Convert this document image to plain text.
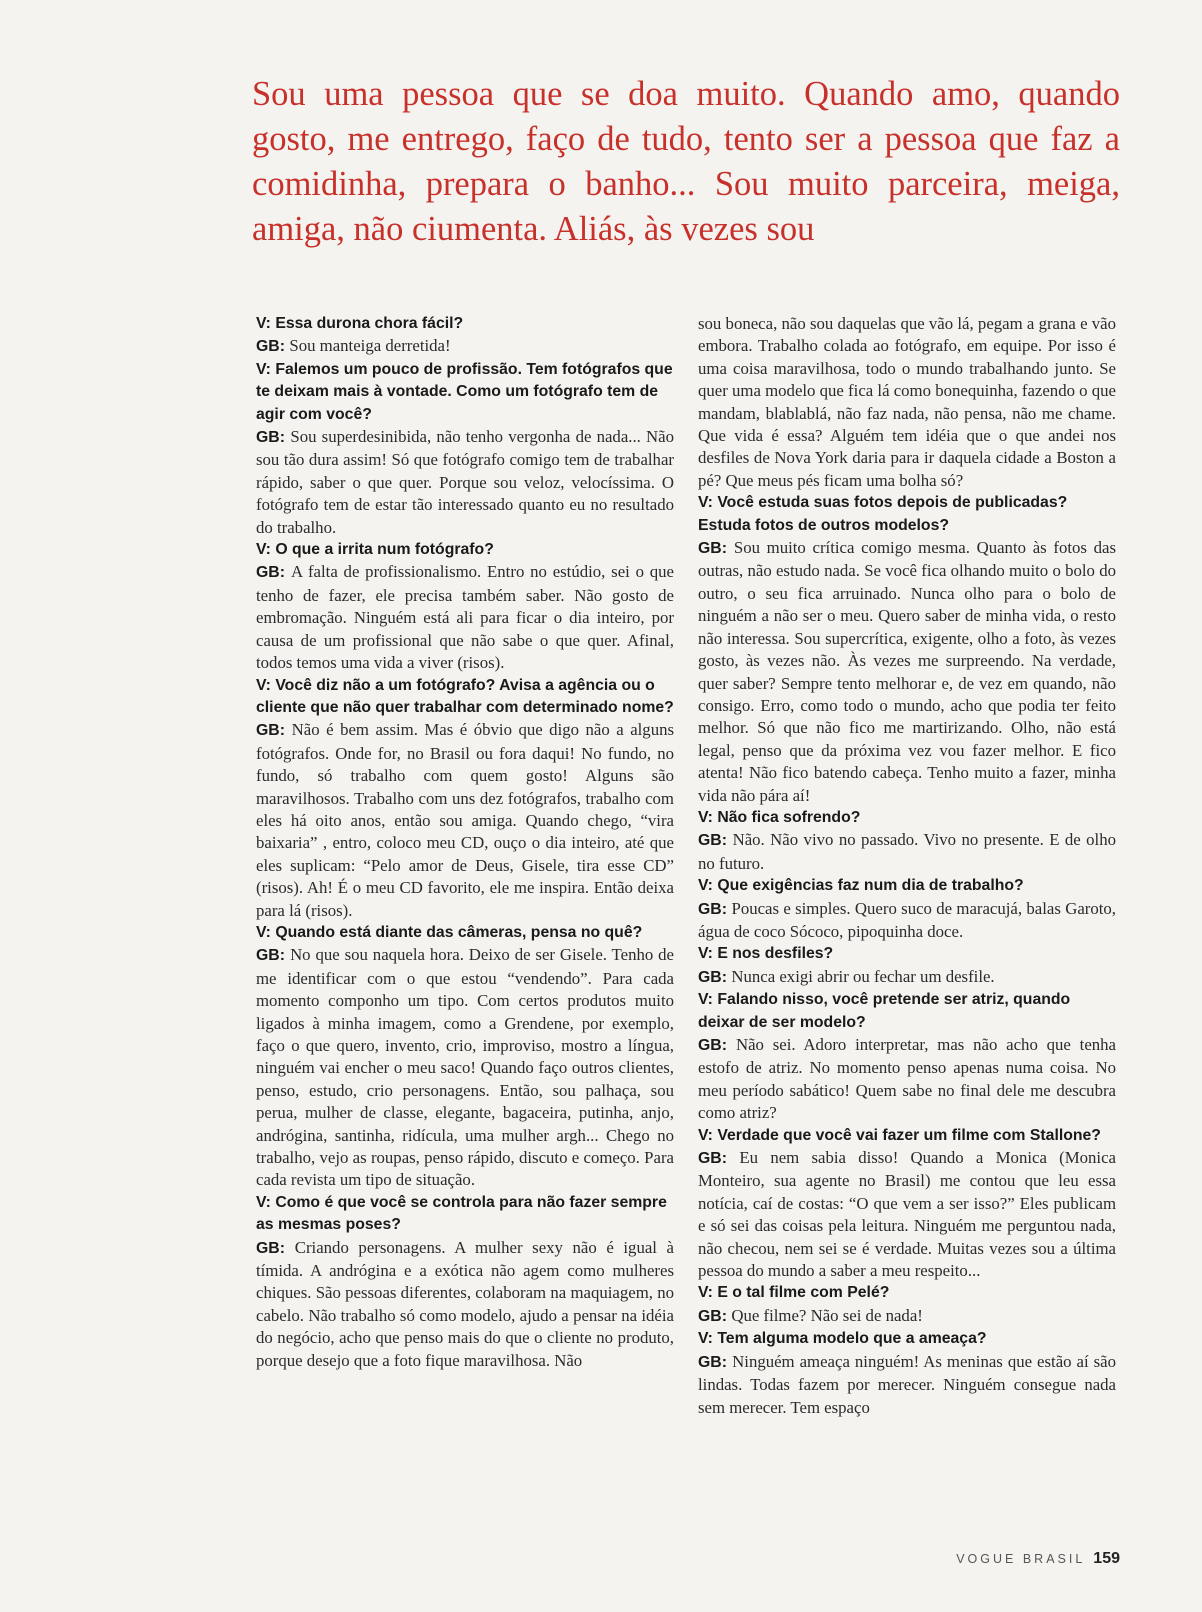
Sou uma pessoa que se doa muito. Quando amo, quando gosto, me entrego, faço de tudo, tento ser a pessoa que faz a comidinha, prepara o banho... Sou muito parceira, meiga, amiga, não ciumenta. Aliás, às vezes sou

V: Essa durona chora fácil?

GB: Sou manteiga derretida!

V: Falemos um pouco de profissão. Tem fotógrafos que te deixam mais à vontade. Como um fotógrafo tem de agir com você?

GB: Sou superdesinibida, não tenho vergonha de nada... Não sou tão dura assim! Só que fotógrafo comigo tem de trabalhar rápido, saber o que quer. Porque sou veloz, velocíssima. O fotógrafo tem de estar tão interessado quanto eu no resultado do trabalho.

V: O que a irrita num fotógrafo?

GB: A falta de profissionalismo. Entro no estúdio, sei o que tenho de fazer, ele precisa também saber. Não gosto de embromação. Ninguém está ali para ficar o dia inteiro, por causa de um profissional que não sabe o que quer. Afinal, todos temos uma vida a viver (risos).

V: Você diz não a um fotógrafo? Avisa a agência ou o cliente que não quer trabalhar com determinado nome?

GB: Não é bem assim. Mas é óbvio que digo não a alguns fotógrafos. Onde for, no Brasil ou fora daqui! No fundo, no fundo, só trabalho com quem gosto! Alguns são maravilhosos. Trabalho com uns dez fotógrafos, trabalho com eles há oito anos, então sou amiga. Quando chego, “vira baixaria” , entro, coloco meu CD, ouço o dia inteiro, até que eles suplicam: “Pelo amor de Deus, Gisele, tira esse CD” (risos). Ah! É o meu CD favorito, ele me inspira. Então deixa para lá (risos).

V: Quando está diante das câmeras, pensa no quê?

GB: No que sou naquela hora. Deixo de ser Gisele. Tenho de me identificar com o que estou “vendendo”. Para cada momento componho um tipo. Com certos produtos muito ligados à minha imagem, como a Grendene, por exemplo, faço o que quero, invento, crio, improviso, mostro a língua, ninguém vai encher o meu saco! Quando faço outros clientes, penso, estudo, crio personagens. Então, sou palhaça, sou perua, mulher de classe, elegante, bagaceira, putinha, anjo, andrógina, santinha, ridícula, uma mulher argh... Chego no trabalho, vejo as roupas, penso rápido, discuto e começo. Para cada revista um tipo de situação.

V: Como é que você se controla para não fazer sempre as mesmas poses?

GB: Criando personagens. A mulher sexy não é igual à tímida. A andrógina e a exótica não agem como mulheres chiques. São pessoas diferentes, colaboram na maquiagem, no cabelo. Não trabalho só como modelo, ajudo a pensar na idéia do negócio, acho que penso mais do que o cliente no produto, porque desejo que a foto fique maravilhosa. Não

sou boneca, não sou daquelas que vão lá, pegam a grana e vão embora. Trabalho colada ao fotógrafo, em equipe. Por isso é uma coisa maravilhosa, todo o mundo trabalhando junto. Se quer uma modelo que fica lá como bonequinha, fazendo o que mandam, blablablá, não faz nada, não pensa, não me chame. Que vida é essa? Alguém tem idéia que o que andei nos desfiles de Nova York daria para ir daquela cidade a Boston a pé? Que meus pés ficam uma bolha só?

V: Você estuda suas fotos depois de publicadas? Estuda fotos de outros modelos?

GB: Sou muito crítica comigo mesma. Quanto às fotos das outras, não estudo nada. Se você fica olhando muito o bolo do outro, o seu fica arruinado. Nunca olho para o bolo de ninguém a não ser o meu. Quero saber de minha vida, o resto não interessa. Sou supercrítica, exigente, olho a foto, às vezes gosto, às vezes não. Às vezes me surpreendo. Na verdade, quer saber? Sempre tento melhorar e, de vez em quando, não consigo. Erro, como todo o mundo, acho que podia ter feito melhor. Só que não fico me martirizando. Olho, não está legal, penso que da próxima vez vou fazer melhor. E fico atenta! Não fico batendo cabeça. Tenho muito a fazer, minha vida não pára aí!

V: Não fica sofrendo?

GB: Não. Não vivo no passado. Vivo no presente. E de olho no futuro.

V: Que exigências faz num dia de trabalho?

GB: Poucas e simples. Quero suco de maracujá, balas Garoto, água de coco Sócoco, pipoquinha doce.

V: E nos desfiles?

GB: Nunca exigi abrir ou fechar um desfile.

V: Falando nisso, você pretende ser atriz, quando deixar de ser modelo?

GB: Não sei. Adoro interpretar, mas não acho que tenha estofo de atriz. No momento penso apenas numa coisa. No meu período sabático! Quem sabe no final dele me descubra como atriz?

V: Verdade que você vai fazer um filme com Stallone?

GB: Eu nem sabia disso! Quando a Monica (Monica Monteiro, sua agente no Brasil) me contou que leu essa notícia, caí de costas: “O que vem a ser isso?” Eles publicam e só sei das coisas pela leitura. Ninguém me perguntou nada, não checou, nem sei se é verdade. Muitas vezes sou a última pessoa do mundo a saber a meu respeito...

V: E o tal filme com Pelé?

GB: Que filme? Não sei de nada!

V: Tem alguma modelo que a ameaça?

GB: Ninguém ameaça ninguém! As meninas que estão aí são lindas. Todas fazem por merecer. Ninguém consegue nada sem merecer. Tem espaço

VOGUE BRASIL 159
